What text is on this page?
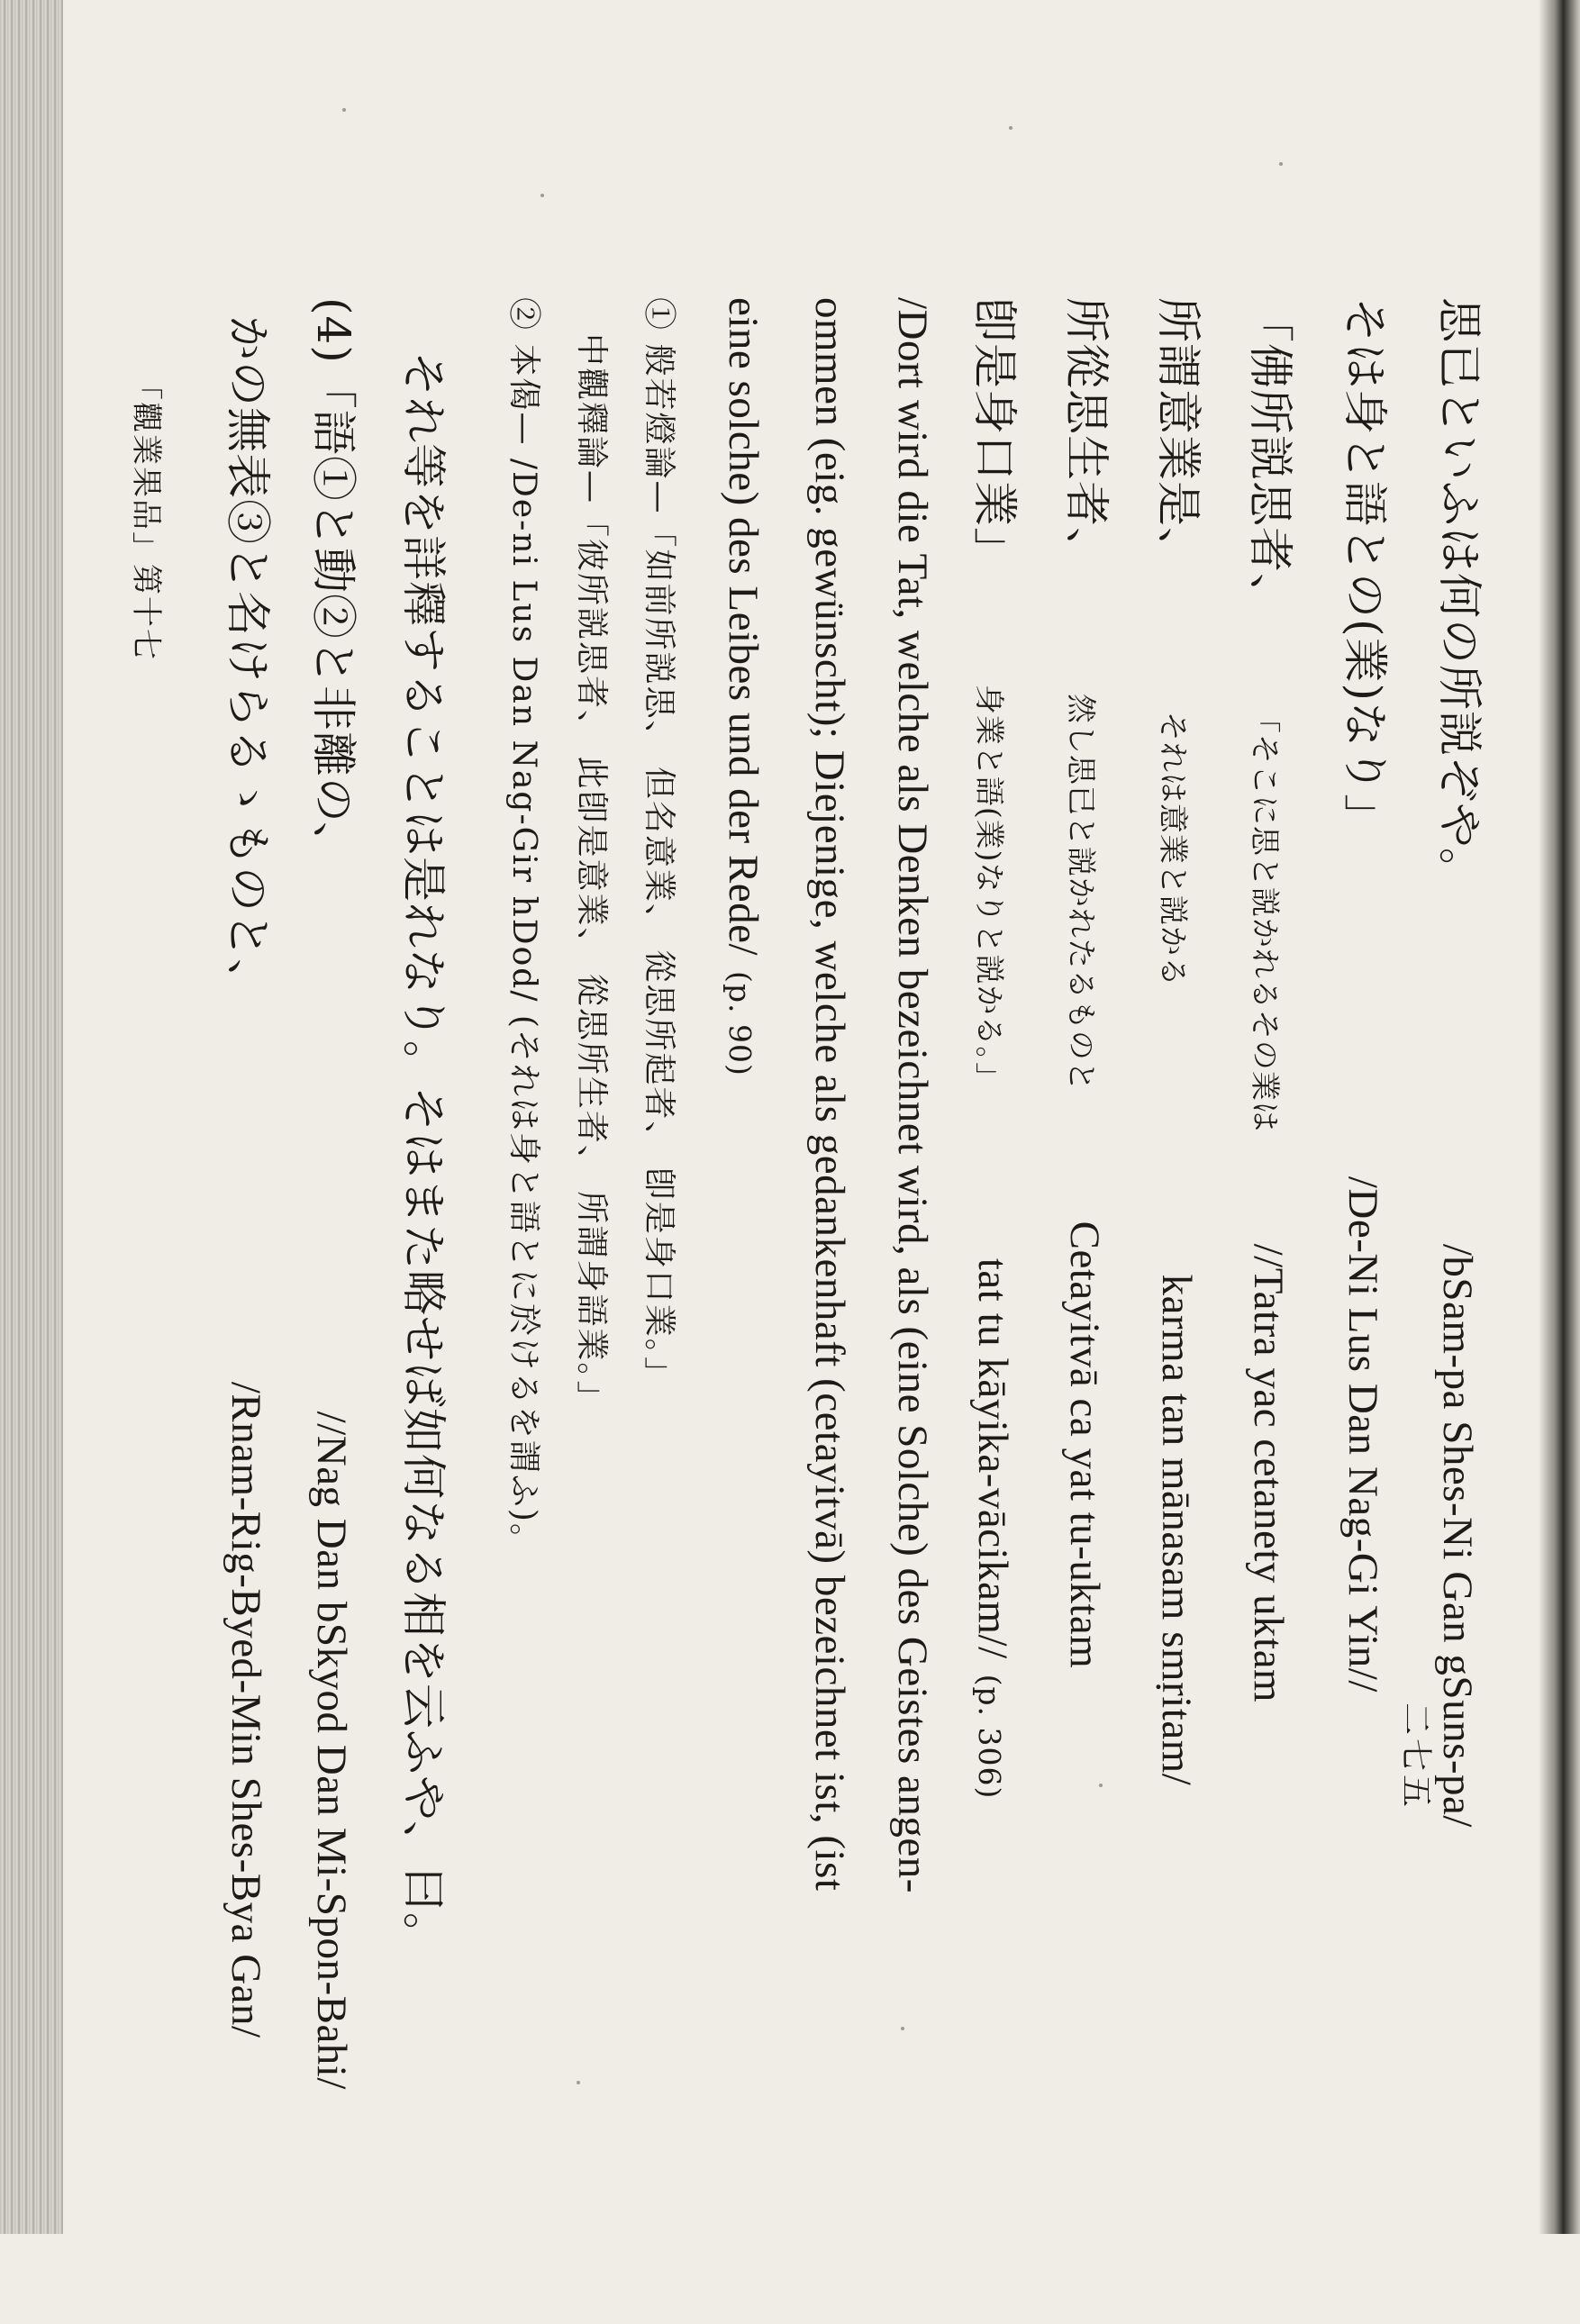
思已といふは何の所説ぞや。  /bSam-pa Shes-Ni Gan gSuns-pa/
そは身と語との(業)なり」  /De-Ni Lus Dan Nag-Gi Yin//
「佛所説思者、  「そこに思と説かれるその業は  //Tatra yac cetanety uktam
所謂意業是、  それは意業と説かる  karma tan mānasam smṛitam/
所從思生者、  然し思已と説かれたるものと  Cetayitvā ca yat tu-uktam
卽是身口業」  身業と語(業)なりと説かる。」  tat tu kāyika-vācikam// (p. 306)
/Dort wird die Tat, welche als Denken bezeichnet wird, als (eine Solche) des Geistes angen-
ommen (eig. gewünscht); Diejenige, welche als gedankenhaft (cetayitvā) bezeichnet ist, (ist
eine solche) des Leibes und der Rede/ (p. 90)
① 般若燈論—「如前所説思、 但名意業、 從思所起者、 卽是身口業。」
中觀釋論—「彼所説思者、 此卽是意業、 從思所生者、 所謂身語業。」
② 本偈— /De-ni Lus Dan Nag-Gir hDod/ (それは身と語とに於けるを謂ふ)。
それ等を詳釋することは是れなり。そはまた略せば如何なる相を云ふや、曰。
(4)「語①と動②と非離の、  //Nag Dan bSkyod Dan Mi-Spon-Bahi/
かの無表③と名けらるゝものと、  /Rnam-Rig-Byed-Min Shes-Bya Gan/
「觀業果品」第十七
二七五
